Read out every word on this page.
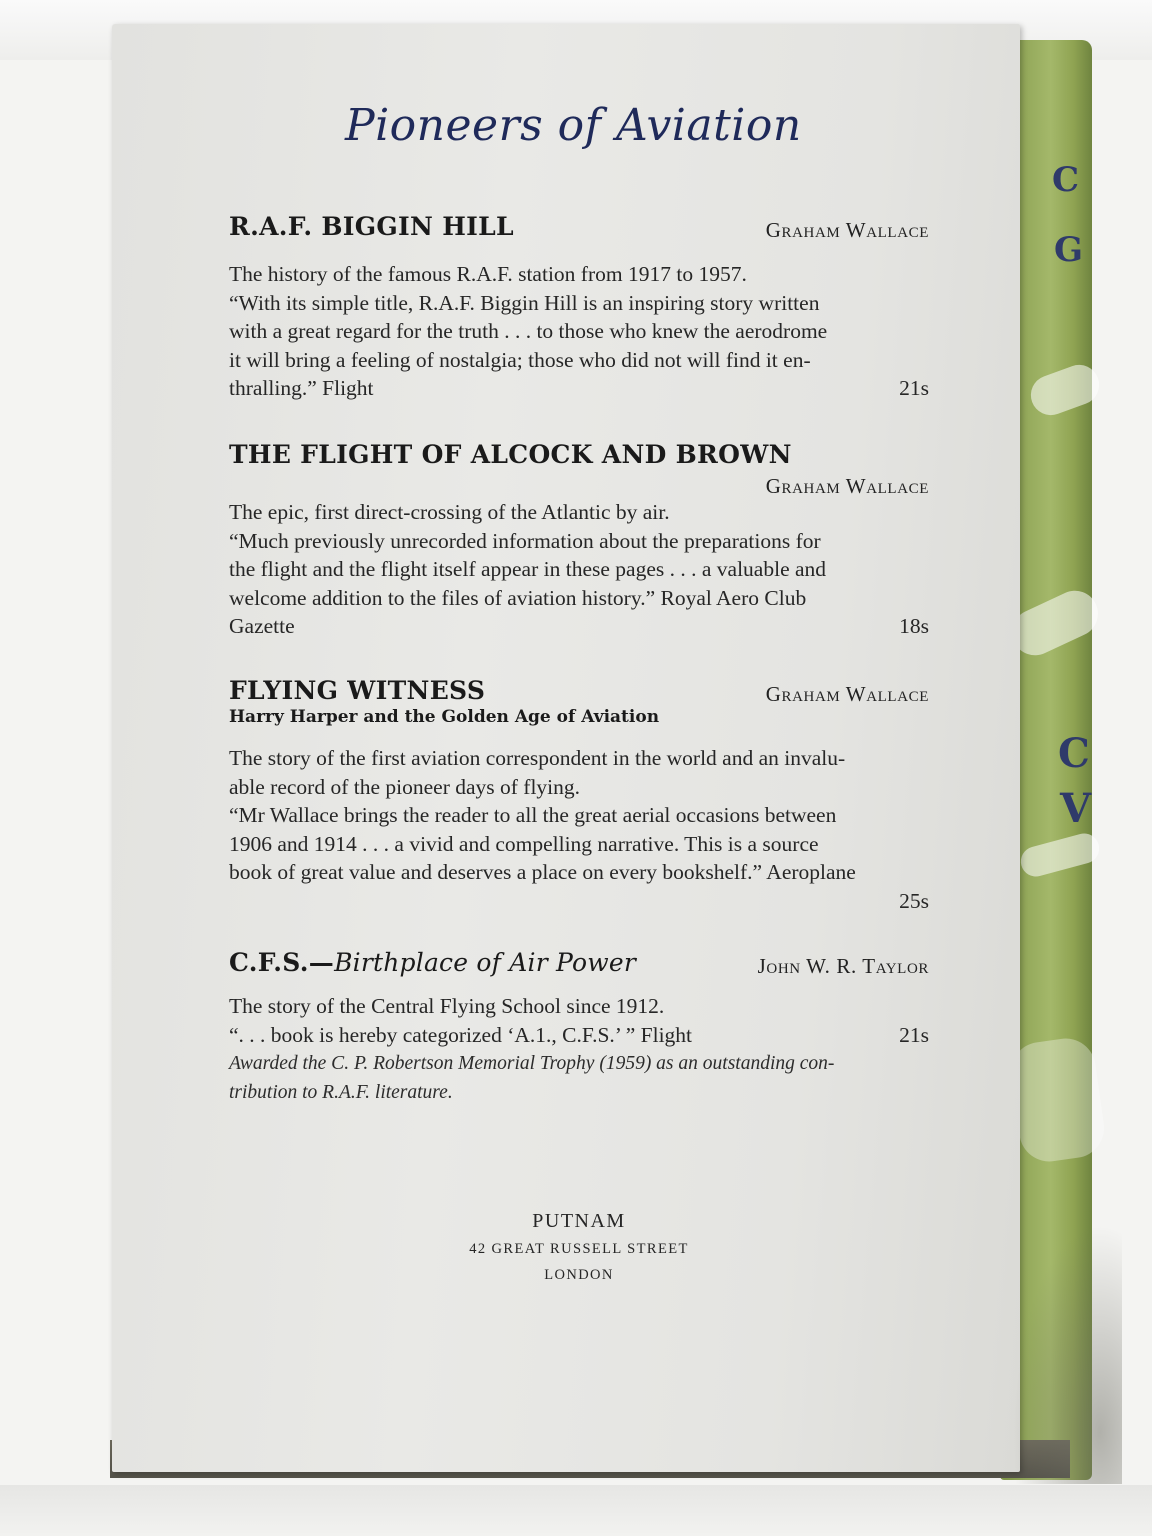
C
G
C
V
Pioneers of Aviation
R.A.F. BIGGIN HILL	Graham Wallace

The history of the famous R.A.F. station from 1917 to 1957.

“With its simple title, R.A.F. Biggin Hill is an inspiring story written

with a great regard for the truth . . . to those who knew the aerodrome

it will bring a feeling of nostalgia; those who did not will find it en-

thralling.” Flight	21s

THE FLIGHT OF ALCOCK AND BROWN
Graham Wallace

The epic, first direct-crossing of the Atlantic by air.

“Much previously unrecorded information about the preparations for

the flight and the flight itself appear in these pages . . . a valuable and

welcome addition to the files of aviation history.” Royal Aero Club

Gazette	18s

FLYING WITNESS	Graham Wallace
Harry Harper and the Golden Age of Aviation

The story of the first aviation correspondent in the world and an invalu-

able record of the pioneer days of flying.

“Mr Wallace brings the reader to all the great aerial occasions between

1906 and 1914 . . . a vivid and compelling narrative. This is a source

book of great value and deserves a place on every bookshelf.” Aeroplane

25s

C.F.S.—Birthplace of Air Power	John W. R. Taylor

The story of the Central Flying School since 1912.

“. . . book is hereby categorized ‘A.1., C.F.S.’ ” Flight	21s

Awarded the C. P. Robertson Memorial Trophy (1959) as an outstanding con-
tribution to R.A.F. literature.
PUTNAM
42 GREAT RUSSELL STREET
LONDON
